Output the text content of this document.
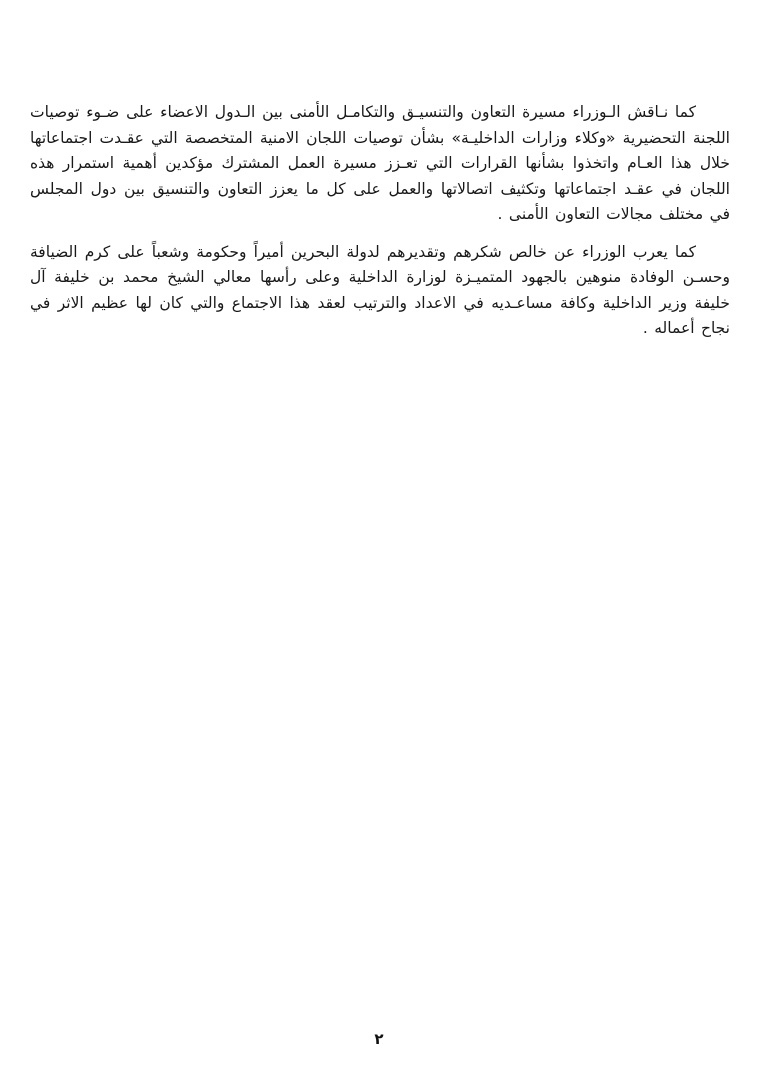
كما نـاقش الـوزراء مسيرة التعاون والتنسيـق والتكامـل الأمنى بين الـدول الاعضاء على ضـوء توصيات اللجنة التحضيرية «وكلاء وزارات الداخليـة» بشأن توصيات اللجان الامنية المتخصصة التي عقـدت اجتماعاتها خلال هذا العـام واتخذوا بشأنها القرارات التي تعـزز مسيرة العمل المشترك مؤكدين أهمية استمرار هذه اللجان في عقـد اجتماعاتها وتكثيف اتصالاتها والعمل على كل ما يعزز التعاون والتنسيق بين دول المجلس في مختلف مجالات التعاون الأمنى .

كما يعرب الوزراء عن خالص شكرهم وتقديرهم لدولة البحرين أميراً وحكومة وشعباً على كرم الضيافة وحسـن الوفادة منوهين بالجهود المتميـزة لوزارة الداخلية وعلى رأسها معالي الشيخ محمد بن خليفة آل خليفة وزير الداخلية وكافة مساعـديه في الاعداد والترتيب لعقد هذا الاجتماع والتي كان لها عظيم الاثر في نجاح أعماله .

٢
